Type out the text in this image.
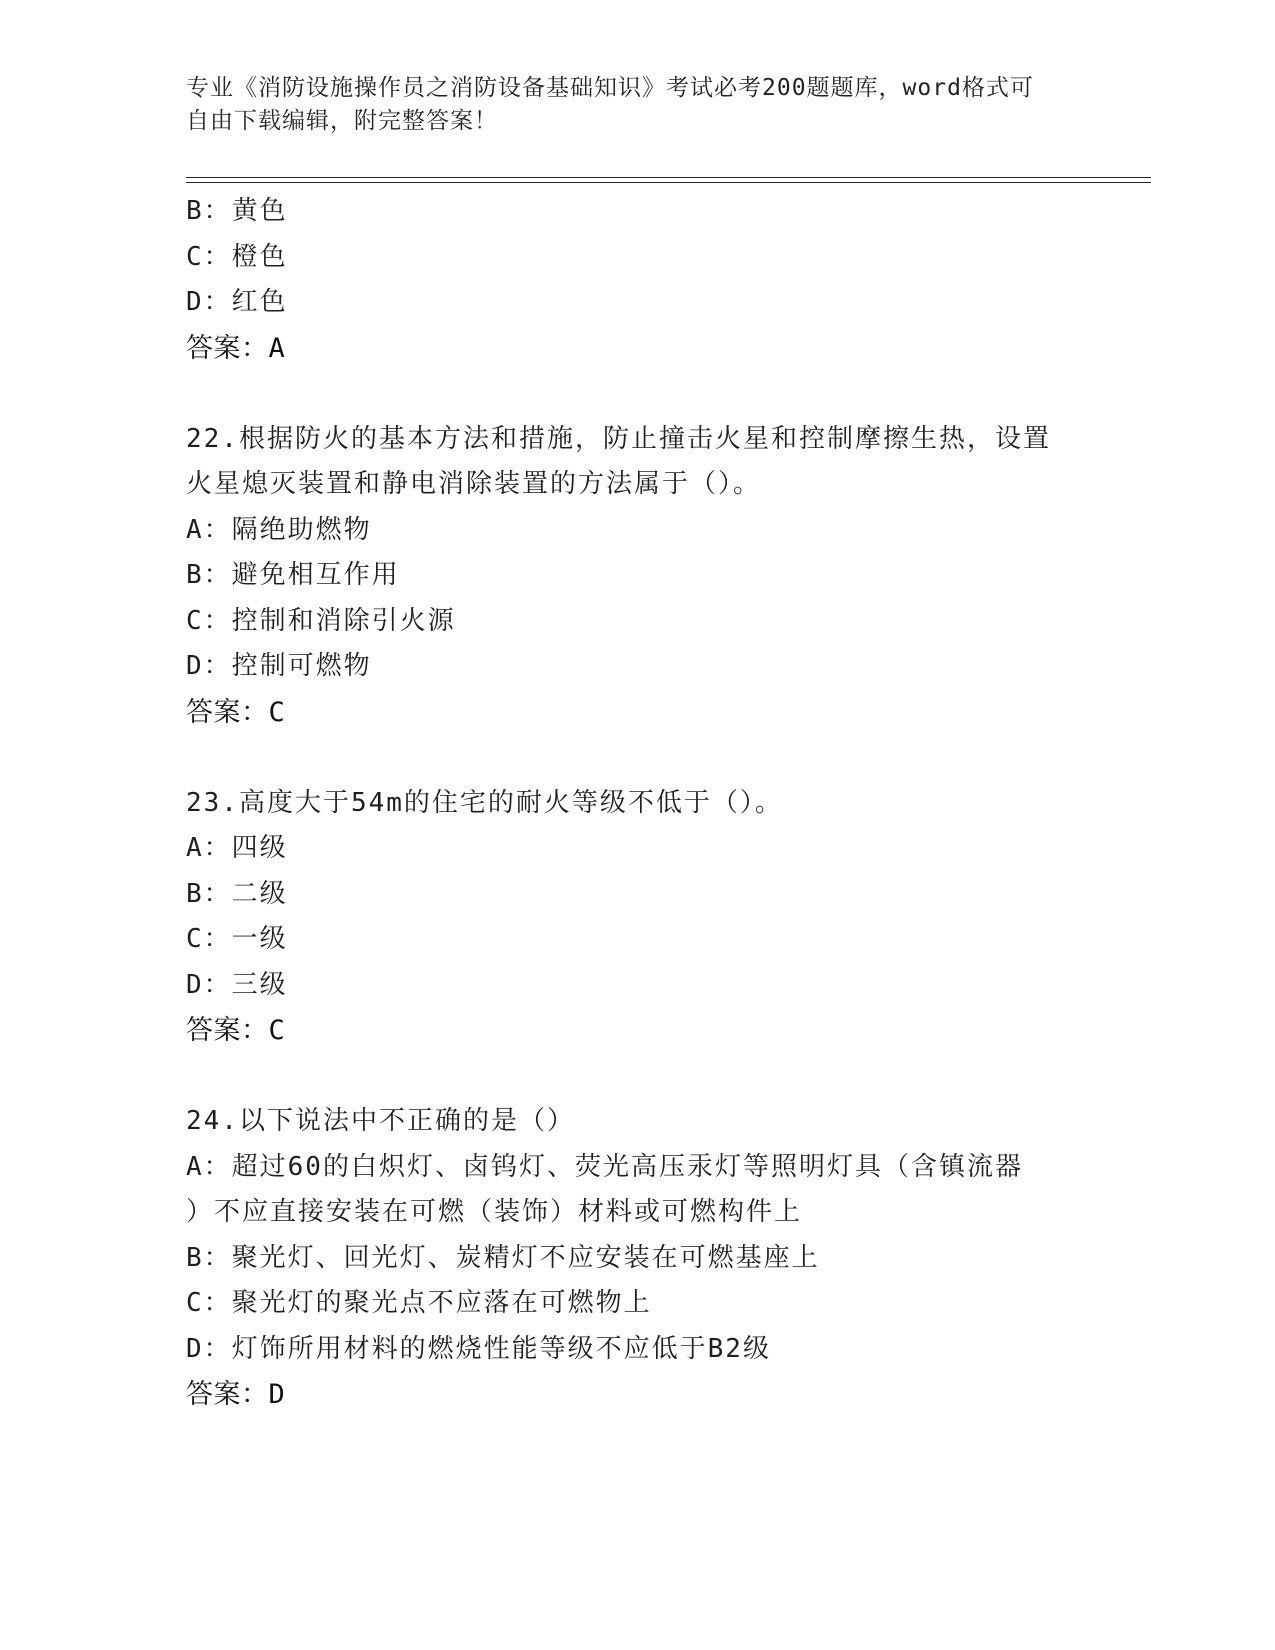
专业《消防设施操作员之消防设备基础知识》考试必考200题题库，word格式可
自由下载编辑，附完整答案！
B：黄色
C：橙色
D：红色
答案：A
22.根据防火的基本方法和措施，防止撞击火星和控制摩擦生热，设置
火星熄灭装置和静电消除装置的方法属于（）。
A：隔绝助燃物
B：避免相互作用
C：控制和消除引火源
D：控制可燃物
答案：C
23.高度大于54m的住宅的耐火等级不低于（）。
A：四级
B：二级
C：一级
D：三级
答案：C
24.以下说法中不正确的是（）
A：超过60的白炽灯、卤钨灯、荧光高压汞灯等照明灯具（含镇流器
）不应直接安装在可燃（装饰）材料或可燃构件上
B：聚光灯、回光灯、炭精灯不应安装在可燃基座上
C：聚光灯的聚光点不应落在可燃物上
D：灯饰所用材料的燃烧性能等级不应低于B2级
答案：D
